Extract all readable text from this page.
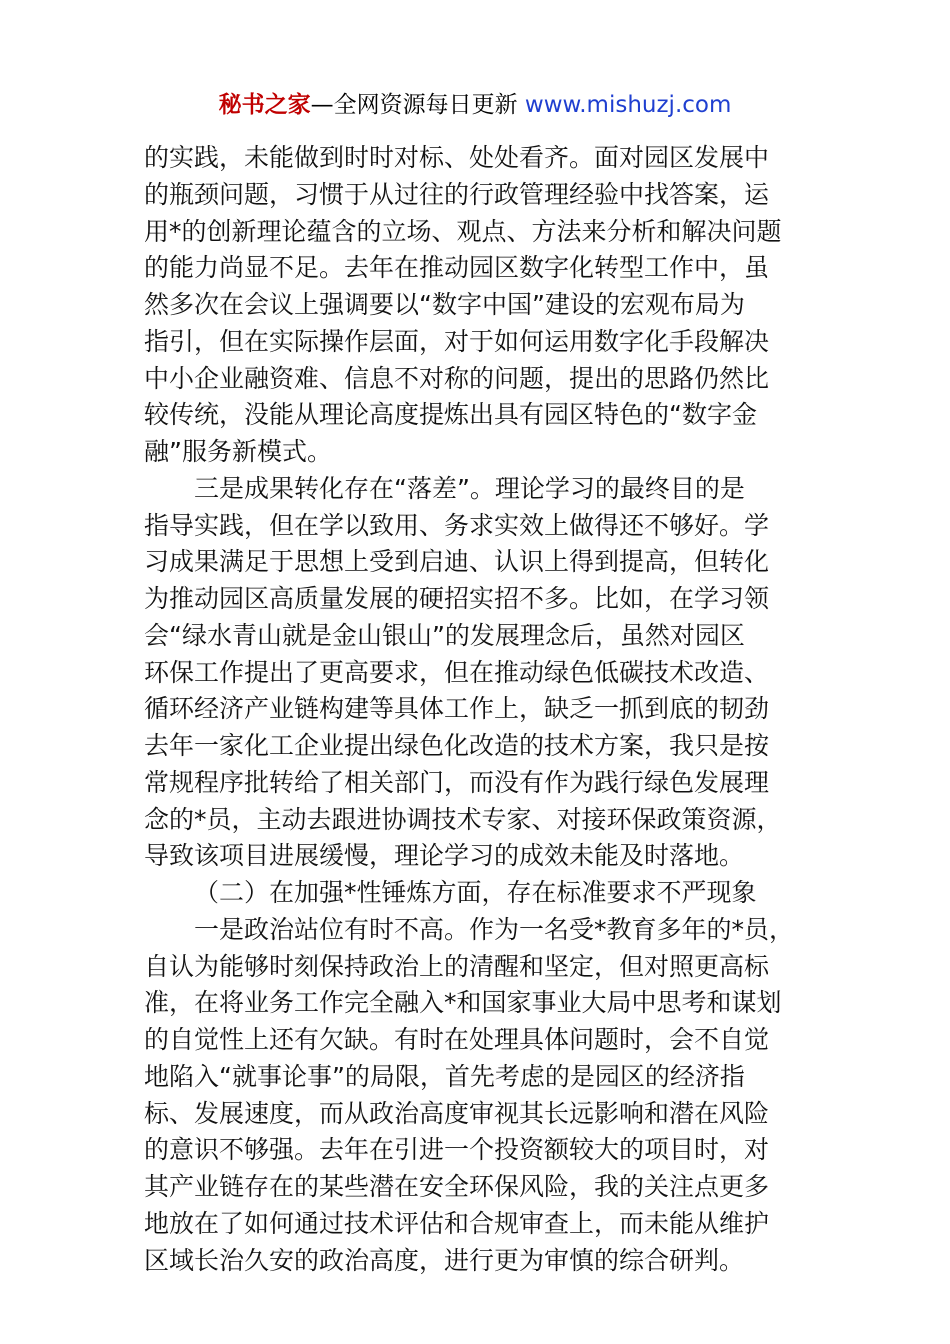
秘书之家—全网资源每日更新 www.mishuzj.com
的实践，未能做到时时对标、处处看齐。面对园区发展中
的瓶颈问题，习惯于从过往的行政管理经验中找答案，运
用*的创新理论蕴含的立场、观点、方法来分析和解决问题
的能力尚显不足。去年在推动园区数字化转型工作中，虽
然多次在会议上强调要以“数字中国”建设的宏观布局为
指引，但在实际操作层面，对于如何运用数字化手段解决
中小企业融资难、信息不对称的问题，提出的思路仍然比
较传统，没能从理论高度提炼出具有园区特色的“数字金
融”服务新模式。
三是成果转化存在“落差”。理论学习的最终目的是
指导实践，但在学以致用、务求实效上做得还不够好。学
习成果满足于思想上受到启迪、认识上得到提高，但转化
为推动园区高质量发展的硬招实招不多。比如，在学习领
会“绿水青山就是金山银山”的发展理念后，虽然对园区
环保工作提出了更高要求，但在推动绿色低碳技术改造、
循环经济产业链构建等具体工作上，缺乏一抓到底的韧劲
去年一家化工企业提出绿色化改造的技术方案，我只是按
常规程序批转给了相关部门，而没有作为践行绿色发展理
念的*员，主动去跟进协调技术专家、对接环保政策资源，
导致该项目进展缓慢，理论学习的成效未能及时落地。
（二）在加强*性锤炼方面，存在标准要求不严现象
一是政治站位有时不高。作为一名受*教育多年的*员，
自认为能够时刻保持政治上的清醒和坚定，但对照更高标
准，在将业务工作完全融入*和国家事业大局中思考和谋划
的自觉性上还有欠缺。有时在处理具体问题时，会不自觉
地陷入“就事论事”的局限，首先考虑的是园区的经济指
标、发展速度，而从政治高度审视其长远影响和潜在风险
的意识不够强。去年在引进一个投资额较大的项目时，对
其产业链存在的某些潜在安全环保风险，我的关注点更多
地放在了如何通过技术评估和合规审查上，而未能从维护
区域长治久安的政治高度，进行更为审慎的综合研判。
